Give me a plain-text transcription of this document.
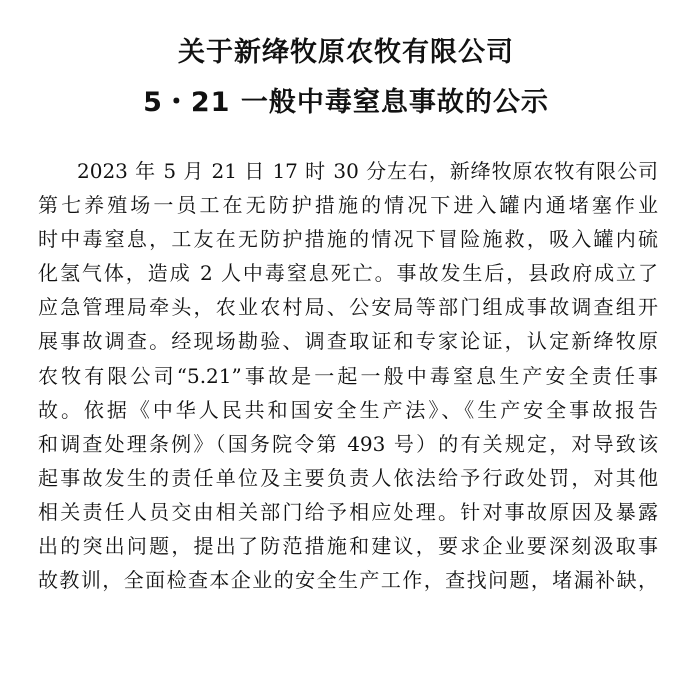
关于新绛牧原农牧有限公司
5・21 一般中毒窒息事故的公示
2023 年 5 月 21 日 17 时 30 分左右，新绛牧原农牧有限公司
第七养殖场一员工在无防护措施的情况下进入罐内通堵塞作业
时中毒窒息，工友在无防护措施的情况下冒险施救，吸入罐内硫
化氢气体，造成 2 人中毒窒息死亡。事故发生后，县政府成立了
应急管理局牵头，农业农村局、公安局等部门组成事故调查组开
展事故调查。经现场勘验、调查取证和专家论证，认定新绛牧原
农牧有限公司“5.21”事故是一起一般中毒窒息生产安全责任事
故。依据《中华人民共和国安全生产法》、《生产安全事故报告
和调查处理条例》（国务院令第 493 号）的有关规定，对导致该
起事故发生的责任单位及主要负责人依法给予行政处罚，对其他
相关责任人员交由相关部门给予相应处理。针对事故原因及暴露
出的突出问题，提出了防范措施和建议，要求企业要深刻汲取事
故教训，全面检查本企业的安全生产工作，查找问题，堵漏补缺，
